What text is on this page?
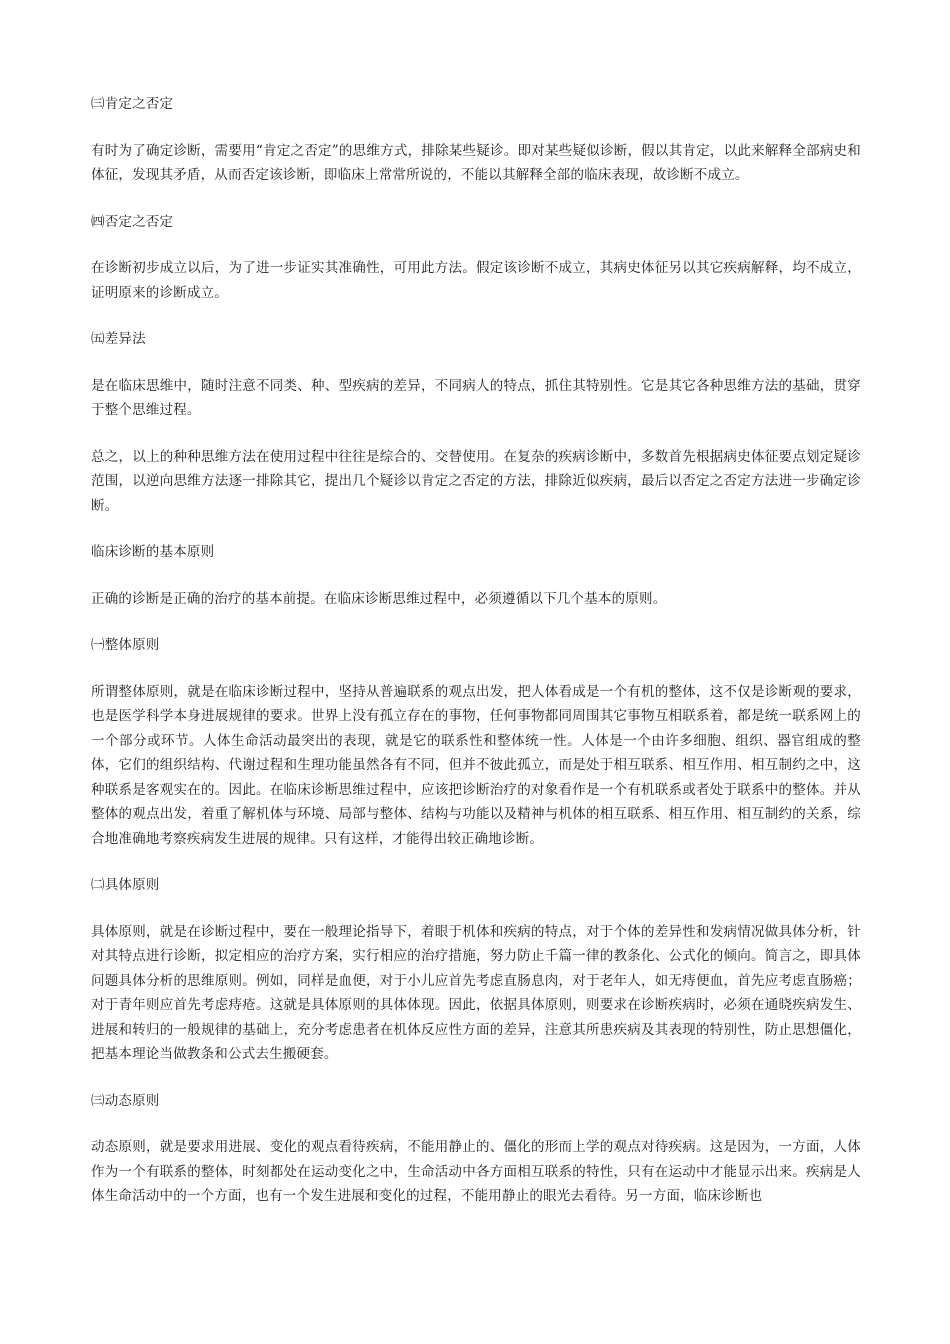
㈢肯定之否定
有时为了确定诊断，需要用“肯定之否定”的思维方式，排除某些疑诊。即对某些疑似诊断，假以其肯定，以此来解释全部病史和体征，发现其矛盾，从而否定该诊断，即临床上常常所说的，不能以其解释全部的临床表现，故诊断不成立。
㈣否定之否定
在诊断初步成立以后，为了进一步证实其准确性，可用此方法。假定该诊断不成立，其病史体征另以其它疾病解释，均不成立，证明原来的诊断成立。
㈤差异法
是在临床思维中，随时注意不同类、种、型疾病的差异，不同病人的特点，抓住其特别性。它是其它各种思维方法的基础，贯穿于整个思维过程。
总之，以上的种种思维方法在使用过程中往往是综合的、交替使用。在复杂的疾病诊断中，多数首先根据病史体征要点划定疑诊范围，以逆向思维方法逐一排除其它，提出几个疑诊以肯定之否定的方法，排除近似疾病，最后以否定之否定方法进一步确定诊断。
临床诊断的基本原则
正确的诊断是正确的治疗的基本前提。在临床诊断思维过程中，必须遵循以下几个基本的原则。
㈠整体原则
所谓整体原则，就是在临床诊断过程中，坚持从普遍联系的观点出发，把人体看成是一个有机的整体，这不仅是诊断观的要求，也是医学科学本身进展规律的要求。世界上没有孤立存在的事物，任何事物都同周围其它事物互相联系着，都是统一联系网上的一个部分或环节。人体生命活动最突出的表现，就是它的联系性和整体统一性。人体是一个由许多细胞、组织、器官组成的整体，它们的组织结构、代谢过程和生理功能虽然各有不同，但并不彼此孤立，而是处于相互联系、相互作用、相互制约之中，这种联系是客观实在的。因此。在临床诊断思维过程中，应该把诊断治疗的对象看作是一个有机联系或者处于联系中的整体。并从整体的观点出发，着重了解机体与环境、局部与整体、结构与功能以及精神与机体的相互联系、相互作用、相互制约的关系，综合地准确地考察疾病发生进展的规律。只有这样，才能得出较正确地诊断。
㈡具体原则
具体原则，就是在诊断过程中，要在一般理论指导下，着眼于机体和疾病的特点，对于个体的差异性和发病情况做具体分析，针对其特点进行诊断，拟定相应的治疗方案，实行相应的治疗措施，努力防止千篇一律的教条化、公式化的倾向。简言之，即具体问题具体分析的思维原则。例如，同样是血便，对于小儿应首先考虑直肠息肉，对于老年人，如无痔便血，首先应考虑直肠癌；对于青年则应首先考虑痔疮。这就是具体原则的具体体现。因此，依据具体原则，则要求在诊断疾病时，必须在通晓疾病发生、进展和转归的一般规律的基础上，充分考虑患者在机体反应性方面的差异，注意其所患疾病及其表现的特别性，防止思想僵化，把基本理论当做教条和公式去生搬硬套。
㈢动态原则
动态原则，就是要求用进展、变化的观点看待疾病，不能用静止的、僵化的形而上学的观点对待疾病。这是因为，一方面，人体作为一个有联系的整体，时刻都处在运动变化之中，生命活动中各方面相互联系的特性，只有在运动中才能显示出来。疾病是人体生命活动中的一个方面，也有一个发生进展和变化的过程，不能用静止的眼光去看待。另一方面，临床诊断也
